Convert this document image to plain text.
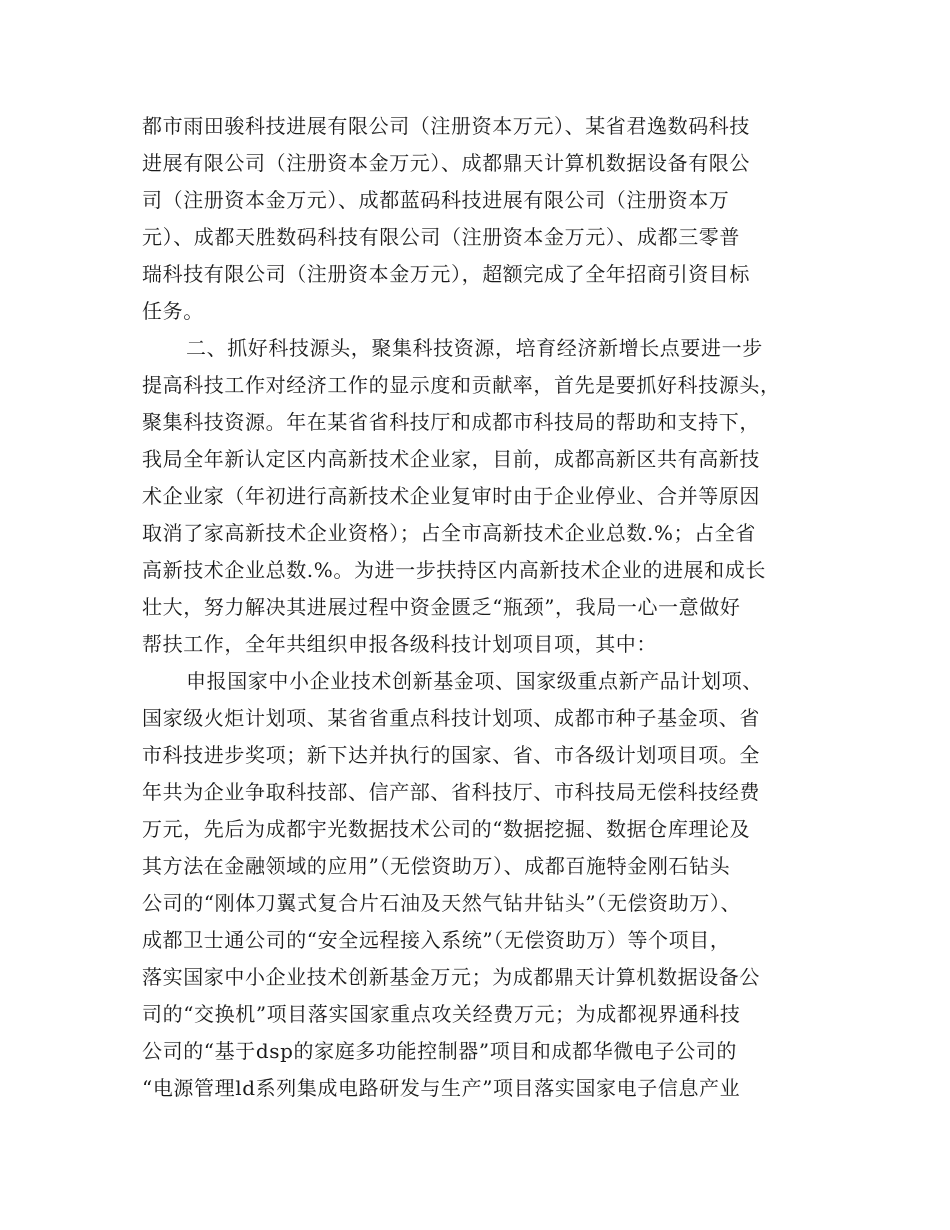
都市雨田骏科技进展有限公司（注册资本万元）、某省君逸数码科技
进展有限公司（注册资本金万元）、成都鼎天计算机数据设备有限公
司（注册资本金万元）、成都蓝码科技进展有限公司（注册资本万
元）、成都天胜数码科技有限公司（注册资本金万元）、成都三零普
瑞科技有限公司（注册资本金万元），超额完成了全年招商引资目标
任务。
二、抓好科技源头，聚集科技资源，培育经济新增长点要进一步
提高科技工作对经济工作的显示度和贡献率，首先是要抓好科技源头，
聚集科技资源。年在某省省科技厅和成都市科技局的帮助和支持下，
我局全年新认定区内高新技术企业家，目前，成都高新区共有高新技
术企业家（年初进行高新技术企业复审时由于企业停业、合并等原因
取消了家高新技术企业资格）；占全市高新技术企业总数.%；占全省
高新技术企业总数.%。为进一步扶持区内高新技术企业的进展和成长
壮大，努力解决其进展过程中资金匮乏“瓶颈”，我局一心一意做好
帮扶工作，全年共组织申报各级科技计划项目项，其中：
申报国家中小企业技术创新基金项、国家级重点新产品计划项、
国家级火炬计划项、某省省重点科技计划项、成都市种子基金项、省
市科技进步奖项；新下达并执行的国家、省、市各级计划项目项。全
年共为企业争取科技部、信产部、省科技厅、市科技局无偿科技经费
万元，先后为成都宇光数据技术公司的“数据挖掘、数据仓库理论及
其方法在金融领域的应用”（无偿资助万）、成都百施特金刚石钻头
公司的“刚体刀翼式复合片石油及天然气钻井钻头”（无偿资助万）、
成都卫士通公司的“安全远程接入系统”（无偿资助万）等个项目，
落实国家中小企业技术创新基金万元；为成都鼎天计算机数据设备公
司的“交换机”项目落实国家重点攻关经费万元；为成都视界通科技
公司的“基于dsp的家庭多功能控制器”项目和成都华微电子公司的
“电源管理ld系列集成电路研发与生产”项目落实国家电子信息产业
